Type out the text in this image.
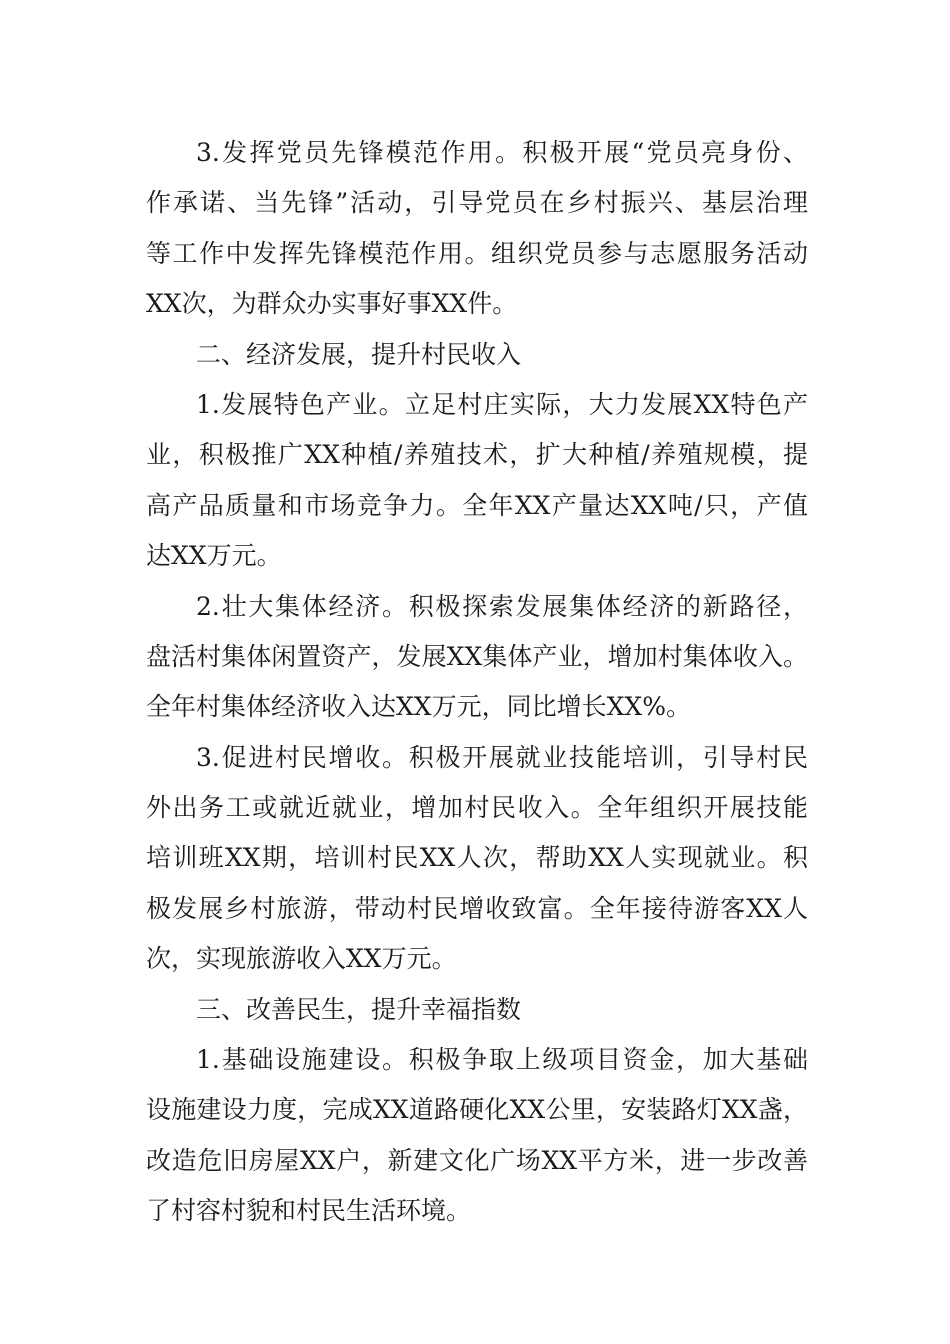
3.发挥党员先锋模范作用。积极开展“党员亮身份、
作承诺、当先锋”活动，引导党员在乡村振兴、基层治理
等工作中发挥先锋模范作用。组织党员参与志愿服务活动
XX次，为群众办实事好事XX件。
二、经济发展，提升村民收入
1.发展特色产业。立足村庄实际，大力发展XX特色产
业，积极推广XX种植/养殖技术，扩大种植/养殖规模，提
高产品质量和市场竞争力。全年XX产量达XX吨/只，产值
达XX万元。
2.壮大集体经济。积极探索发展集体经济的新路径，
盘活村集体闲置资产，发展XX集体产业，增加村集体收入。
全年村集体经济收入达XX万元，同比增长XX%。
3.促进村民增收。积极开展就业技能培训，引导村民
外出务工或就近就业，增加村民收入。全年组织开展技能
培训班XX期，培训村民XX人次，帮助XX人实现就业。积
极发展乡村旅游，带动村民增收致富。全年接待游客XX人
次，实现旅游收入XX万元。
三、改善民生，提升幸福指数
1.基础设施建设。积极争取上级项目资金，加大基础
设施建设力度，完成XX道路硬化XX公里，安装路灯XX盏，
改造危旧房屋XX户，新建文化广场XX平方米，进一步改善
了村容村貌和村民生活环境。
